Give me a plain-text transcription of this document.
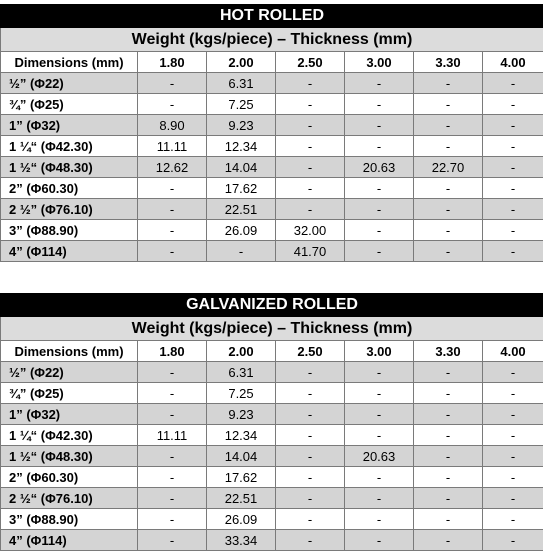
HOT ROLLED						
Weight (kgs/piece) – Thickness (mm)						
Dimensions (mm)	1.80	2.00	2.50	3.00	3.30	4.00
½” (Φ22)	-	6.31	-	-	-	-
¾” (Φ25)	-	7.25	-	-	-	-
1” (Φ32)	8.90	9.23	-	-	-	-
1 ¼“ (Φ42.30)	11.11	12.34	-	-	-	-
1 ½“ (Φ48.30)	12.62	14.04	-	20.63	22.70	-
2” (Φ60.30)	-	17.62	-	-	-	-
2 ½” (Φ76.10)	-	22.51	-	-	-	-
3” (Φ88.90)	-	26.09	32.00	-	-	-
4” (Φ114)	-	-	41.70	-	-	-
GALVANIZED ROLLED						
Weight (kgs/piece) – Thickness (mm)						
Dimensions (mm)	1.80	2.00	2.50	3.00	3.30	4.00
½” (Φ22)	-	6.31	-	-	-	-
¾” (Φ25)	-	7.25	-	-	-	-
1” (Φ32)	-	9.23	-	-	-	-
1 ¼“ (Φ42.30)	11.11	12.34	-	-	-	-
1 ½“ (Φ48.30)	-	14.04	-	20.63	-	-
2” (Φ60.30)	-	17.62	-	-	-	-
2 ½“ (Φ76.10)	-	22.51	-	-	-	-
3” (Φ88.90)	-	26.09	-	-	-	-
4” (Φ114)	-	33.34	-	-	-	-
